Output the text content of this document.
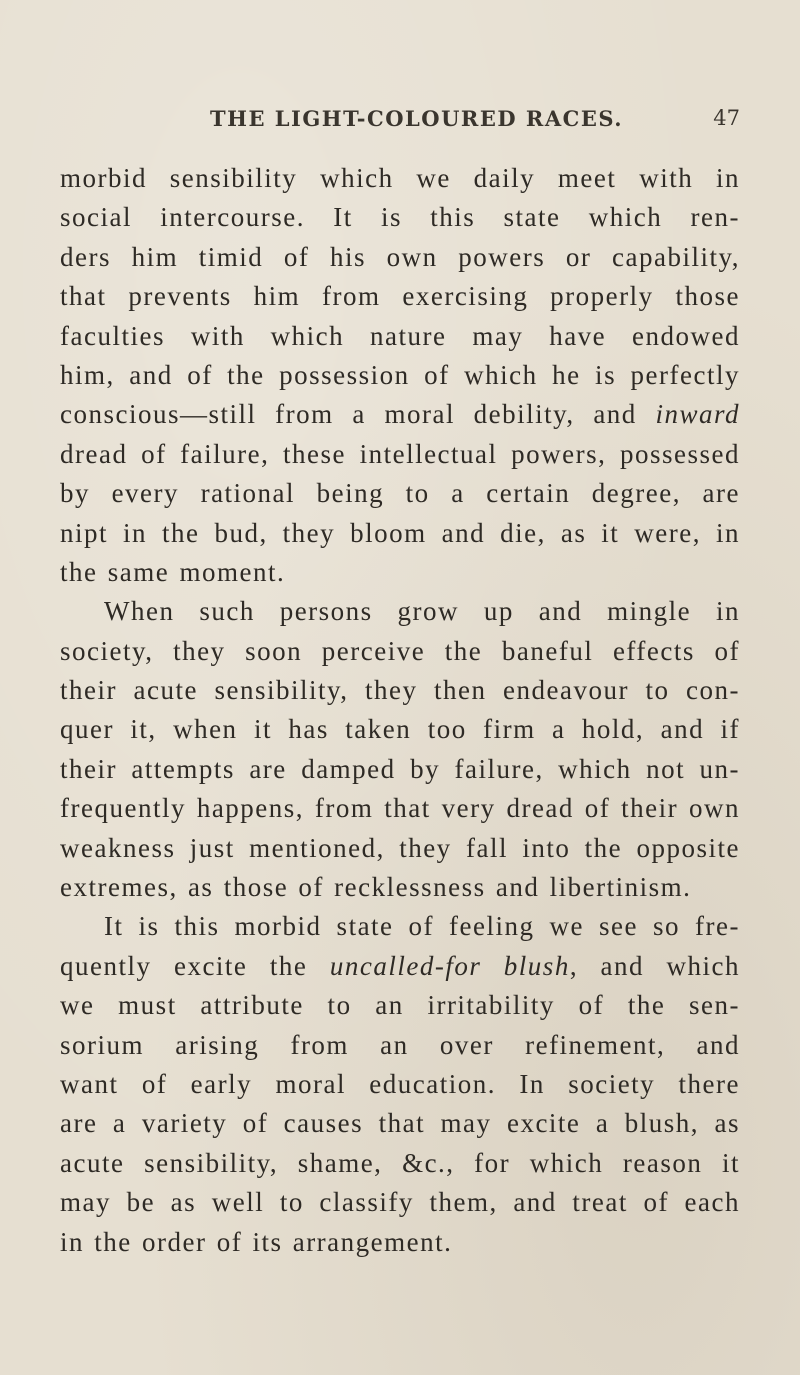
THE LIGHT-COLOURED RACES.	47
morbid sensibility which we daily meet with in
social intercourse. It is this state which ren-
ders him timid of his own powers or capability,
that prevents him from exercising properly those
faculties with which nature may have endowed
him, and of the possession of which he is perfectly
conscious—still from a moral debility, and inward
dread of failure, these intellectual powers, possessed
by every rational being to a certain degree, are
nipt in the bud, they bloom and die, as it were, in
the same moment.
When such persons grow up and mingle in
society, they soon perceive the baneful effects of
their acute sensibility, they then endeavour to con-
quer it, when it has taken too firm a hold, and if
their attempts are damped by failure, which not un-
frequently happens, from that very dread of their own
weakness just mentioned, they fall into the opposite
extremes, as those of recklessness and libertinism.
It is this morbid state of feeling we see so fre-
quently excite the uncalled-for blush, and which
we must attribute to an irritability of the sen-
sorium arising from an over refinement, and
want of early moral education. In society there
are a variety of causes that may excite a blush, as
acute sensibility, shame, &c., for which reason it
may be as well to classify them, and treat of each
in the order of its arrangement.
